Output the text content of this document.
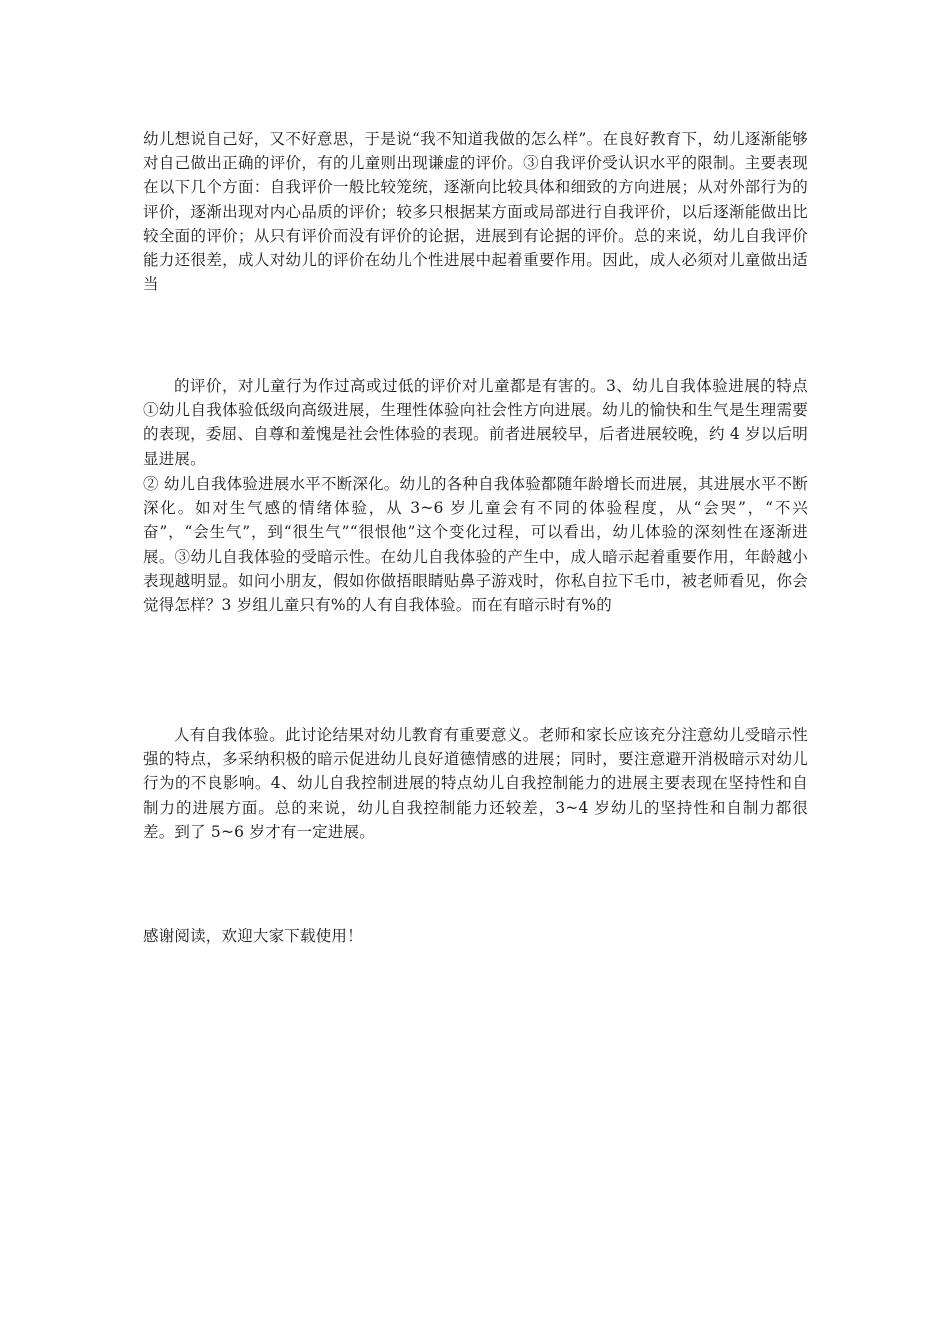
幼儿想说自己好，又不好意思，于是说“我不知道我做的怎么样”。在良好教育下，幼儿逐渐能够对自己做出正确的评价，有的儿童则出现谦虚的评价。③自我评价受认识水平的限制。主要表现在以下几个方面：自我评价一般比较笼统，逐渐向比较具体和细致的方向进展；从对外部行为的评价，逐渐出现对内心品质的评价；较多只根据某方面或局部进行自我评价，以后逐渐能做出比较全面的评价；从只有评价而没有评价的论据，进展到有论据的评价。总的来说，幼儿自我评价能力还很差，成人对幼儿的评价在幼儿个性进展中起着重要作用。因此，成人必须对儿童做出适当

的评价，对儿童行为作过高或过低的评价对儿童都是有害的。3、幼儿自我体验进展的特点①幼儿自我体验低级向高级进展，生理性体验向社会性方向进展。幼儿的愉快和生气是生理需要的表现，委屈、自尊和羞愧是社会性体验的表现。前者进展较早，后者进展较晚，约 4 岁以后明显进展。

② 幼儿自我体验进展水平不断深化。幼儿的各种自我体验都随年龄增长而进展，其进展水平不断深化。如对生气感的情绪体验，从 3~6 岁儿童会有不同的体验程度，从“会哭”，“不兴奋”，“会生气”，到“很生气”“很恨他”这个变化过程，可以看出，幼儿体验的深刻性在逐渐进展。③幼儿自我体验的受暗示性。在幼儿自我体验的产生中，成人暗示起着重要作用，年龄越小表现越明显。如问小朋友，假如你做捂眼睛贴鼻子游戏时，你私自拉下毛巾，被老师看见，你会觉得怎样？3 岁组儿童只有%的人有自我体验。而在有暗示时有%的

人有自我体验。此讨论结果对幼儿教育有重要意义。老师和家长应该充分注意幼儿受暗示性强的特点，多采纳积极的暗示促进幼儿良好道德情感的进展；同时，要注意避开消极暗示对幼儿行为的不良影响。4、幼儿自我控制进展的特点幼儿自我控制能力的进展主要表现在坚持性和自制力的进展方面。总的来说，幼儿自我控制能力还较差，3~4 岁幼儿的坚持性和自制力都很差。到了 5~6 岁才有一定进展。

感谢阅读，欢迎大家下载使用！
